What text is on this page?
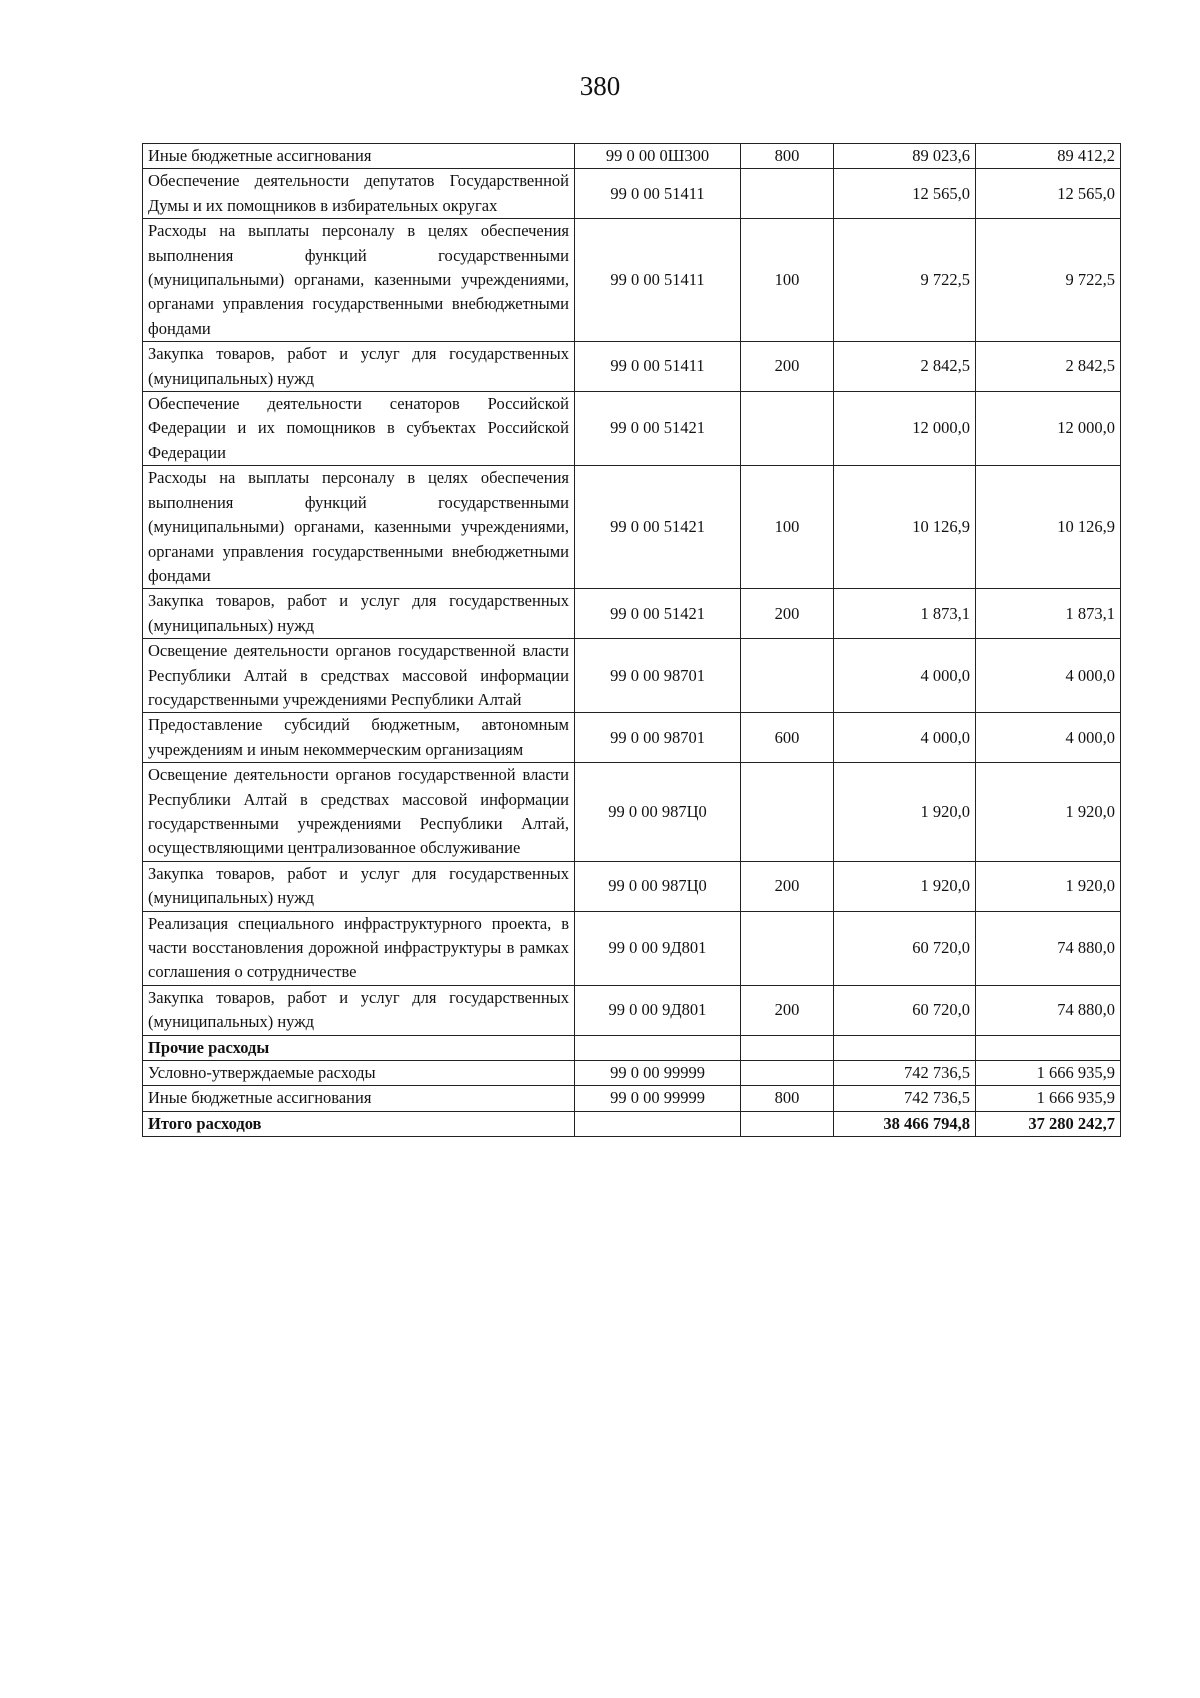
380
Иные бюджетные ассигнования	99 0 00 0Ш300	800	89 023,6	89 412,2
Обеспечение деятельности депутатов Государственной Думы и их помощников в избирательных округах	99 0 00 51411		12 565,0	12 565,0
Расходы на выплаты персоналу в целях обеспечения выполнения функций государственными (муниципальными) органами, казенными учреждениями, органами управления государственными внебюджетными фондами	99 0 00 51411	100	9 722,5	9 722,5
Закупка товаров, работ и услуг для государственных (муниципальных) нужд	99 0 00 51411	200	2 842,5	2 842,5
Обеспечение деятельности сенаторов Российской Федерации и их помощников в субъектах Российской Федерации	99 0 00 51421		12 000,0	12 000,0
Расходы на выплаты персоналу в целях обеспечения выполнения функций государственными (муниципальными) органами, казенными учреждениями, органами управления государственными внебюджетными фондами	99 0 00 51421	100	10 126,9	10 126,9
Закупка товаров, работ и услуг для государственных (муниципальных) нужд	99 0 00 51421	200	1 873,1	1 873,1
Освещение деятельности органов государственной власти Республики Алтай в средствах массовой информации государственными учреждениями Республики Алтай	99 0 00 98701		4 000,0	4 000,0
Предоставление субсидий бюджетным, автономным учреждениям и иным некоммерческим организациям	99 0 00 98701	600	4 000,0	4 000,0
Освещение деятельности органов государственной власти Республики Алтай в средствах массовой информации государственными учреждениями Республики Алтай, осуществляющими централизованное обслуживание	99 0 00 987Ц0		1 920,0	1 920,0
Закупка товаров, работ и услуг для государственных (муниципальных) нужд	99 0 00 987Ц0	200	1 920,0	1 920,0
Реализация специального инфраструктурного проекта, в части восстановления дорожной инфраструктуры в рамках соглашения о сотрудничестве	99 0 00 9Д801		60 720,0	74 880,0
Закупка товаров, работ и услуг для государственных (муниципальных) нужд	99 0 00 9Д801	200	60 720,0	74 880,0
Прочие расходы				
Условно-утверждаемые расходы	99 0 00 99999		742 736,5	1 666 935,9
Иные бюджетные ассигнования	99 0 00 99999	800	742 736,5	1 666 935,9
Итого расходов			38 466 794,8	37 280 242,7
